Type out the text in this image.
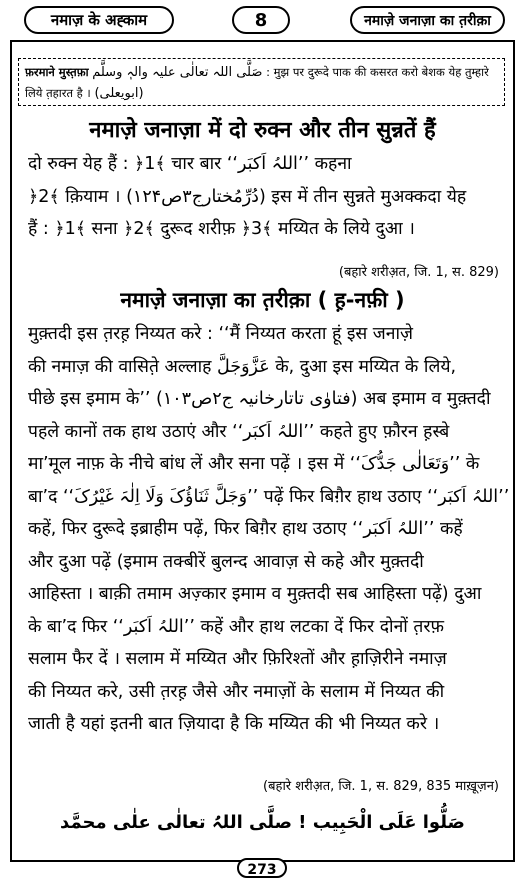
नमाज़ के अह्काम	8	नमाज़े जनाज़ा का त़रीक़ा
फ़रमाने मुस्त़फ़ा صَلَّی اللہ تعالٰی علیہ والہٖ وسلَّم : मुझ पर दुरूदे पाक की कसरत करो बेशक येह तुम्हारे लिये त़हारत है । (ابویعلی)
नमाज़े जनाज़ा में दो रुक्न और तीन सुन्नतें हैं
दो रुक्न येह हैं : ﴿1﴾ चार बार ‘‘اللہُ اَکبَر’’ कहना
﴿2﴾ क़ियाम । (دُرِّمُختارج۳ص۱۲۴) इस में तीन सुन्नते मुअक्कदा येह
हैं : ﴿1﴾ सना ﴿2﴾ दुरूद शरीफ़ ﴿3﴾ मय्यित के लिये दुआ ।
(बहारे शरीअ़त, जि. 1, स. 829)
नमाज़े जनाज़ा का त़रीक़ा ( ह़-नफ़ी )
मुक़्तदी इस त़रह़ निय्यत करे : ‘‘मैं निय्यत करता हूं इस जनाज़े
की नमाज़ की वासित़े अल्लाह عَزَّوَجَلَّ के, दुआ इस मय्यित के लिये,
पीछे इस इमाम के’’ (فتاوٰی تاتارخانیہ ج۲ص۱۰۳) अब इमाम व मुक़्तदी
पहले कानों तक हाथ उठाएं और ‘‘اللہُ اَکبَر’’ कहते हुए फ़ौरन ह़स्बे
मा’मूल नाफ़ के नीचे बांध लें और सना पढ़ें । इस में ‘‘وَتَعَالٰی جَدُّکَ’’ के
बा’द ‘‘وَجَلَّ ثَنَاؤُکَ وَلَا اِلٰہَ غَیْرُکَ’’ पढ़ें फिर बिग़ैर हाथ उठाए ‘‘اللہُ اَکبَر’’
कहें, फिर दुरूदे इब्राहीम पढ़ें, फिर बिग़ैर हाथ उठाए ‘‘اللہُ اَکبَر’’ कहें
और दुआ पढ़ें (इमाम तक्बीरें बुलन्द आवाज़ से कहे और मुक़्तदी
आहिस्ता । बाक़ी तमाम अज़्कार इमाम व मुक़्तदी सब आहिस्ता पढ़ें) दुआ
के बा’द फिर ‘‘اللہُ اَکبَر’’ कहें और हाथ लटका दें फिर दोनों त़रफ़
सलाम फैर दें । सलाम में मय्यित और फ़िरिश्तों और ह़ाज़िरीने नमाज़
की निय्यत करे, उसी त़रह़ जैसे और नमाज़ों के सलाम में निय्यत की
जाती है यहां इतनी बात ज़ियादा है कि मय्यित की भी निय्यत करे ।
(बहारे शरीअ़त, जि. 1, स. 829, 835 माख़ूज़न)
صَلُّوا عَلَی الْحَبِیب ! صلَّی اللہُ تعالٰی علٰی محمَّد
273
